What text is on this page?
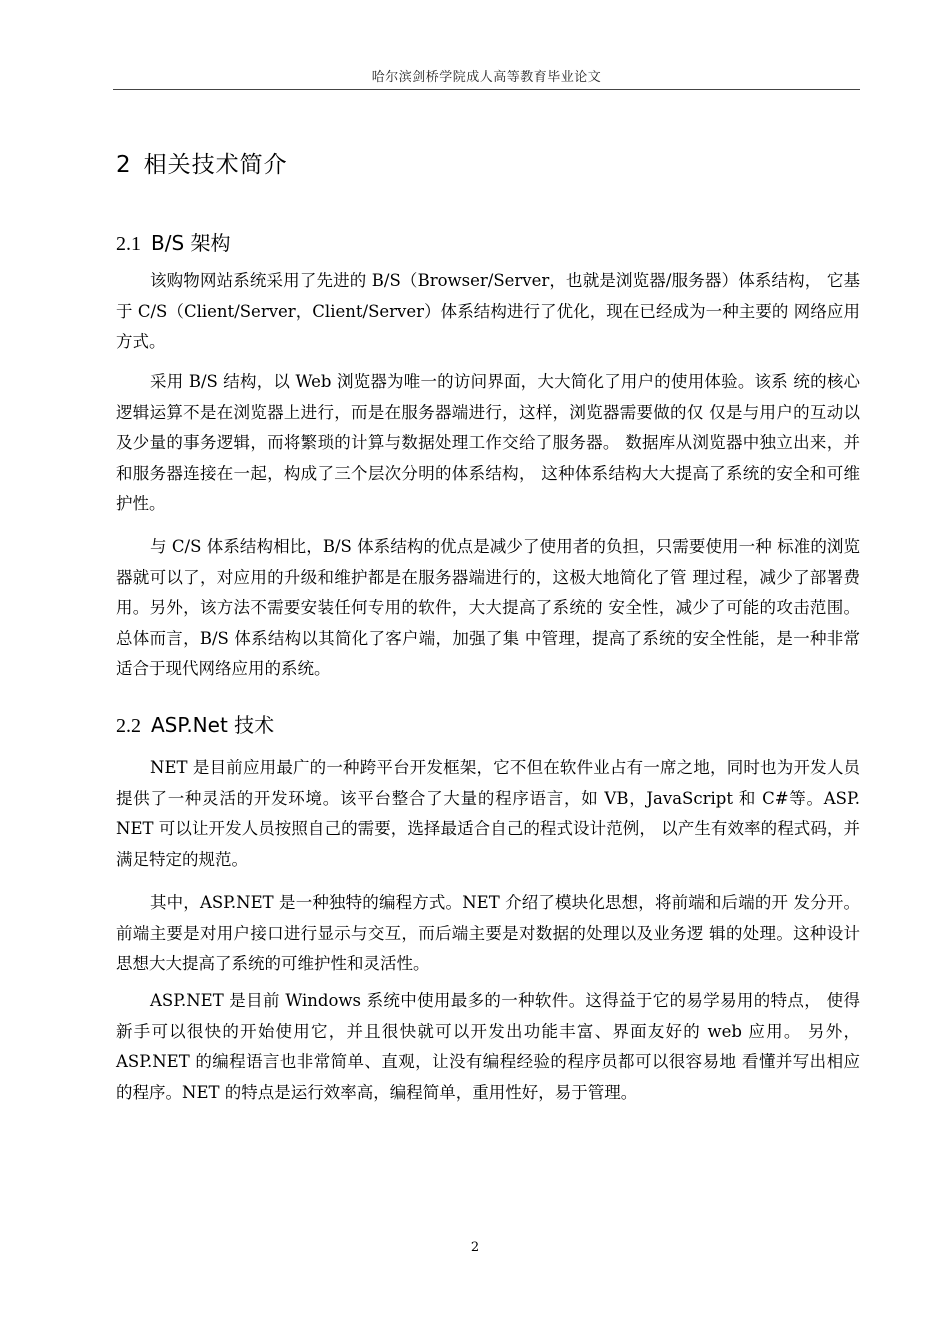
哈尔滨剑桥学院成人高等教育毕业论文
2 相关技术简介
2.1 B/S 架构

该购物网站系统采用了先进的 B/S（Browser/Server，也就是浏览器/服务器）体系结构， 它基于 C/S（Client/Server，Client/Server）体系结构进行了优化，现在已经成为一种主要的 网络应用方式。

采用 B/S 结构，以 Web 浏览器为唯一的访问界面，大大简化了用户的使用体验。该系 统的核心逻辑运算不是在浏览器上进行，而是在服务器端进行，这样，浏览器需要做的仅 仅是与用户的互动以及少量的事务逻辑，而将繁琐的计算与数据处理工作交给了服务器。 数据库从浏览器中独立出来，并和服务器连接在一起，构成了三个层次分明的体系结构， 这种体系结构大大提高了系统的安全和可维护性。

与 C/S 体系结构相比，B/S 体系结构的优点是减少了使用者的负担，只需要使用一种 标准的浏览器就可以了，对应用的升级和维护都是在服务器端进行的，这极大地简化了管 理过程，减少了部署费用。另外，该方法不需要安装任何专用的软件，大大提高了系统的 安全性，减少了可能的攻击范围。总体而言，B/S 体系结构以其简化了客户端，加强了集 中管理，提高了系统的安全性能，是一种非常适合于现代网络应用的系统。

2.2 ASP.Net 技术

NET 是目前应用最广的一种跨平台开发框架，它不但在软件业占有一席之地，同时也为开发人员提供了一种灵活的开发环境。该平台整合了大量的程序语言，如 VB，JavaScript 和 C#等。ASP. NET 可以让开发人员按照自己的需要，选择最适合自己的程式设计范例， 以产生有效率的程式码，并满足特定的规范。

其中，ASP.NET 是一种独特的编程方式。NET 介绍了模块化思想，将前端和后端的开 发分开。前端主要是对用户接口进行显示与交互，而后端主要是对数据的处理以及业务逻 辑的处理。这种设计思想大大提高了系统的可维护性和灵活性。

ASP.NET 是目前 Windows 系统中使用最多的一种软件。这得益于它的易学易用的特点， 使得新手可以很快的开始使用它，并且很快就可以开发出功能丰富、界面友好的 web 应用。 另外，ASP.NET 的编程语言也非常简单、直观，让没有编程经验的程序员都可以很容易地 看懂并写出相应的程序。NET 的特点是运行效率高，编程简单，重用性好，易于管理。

2
